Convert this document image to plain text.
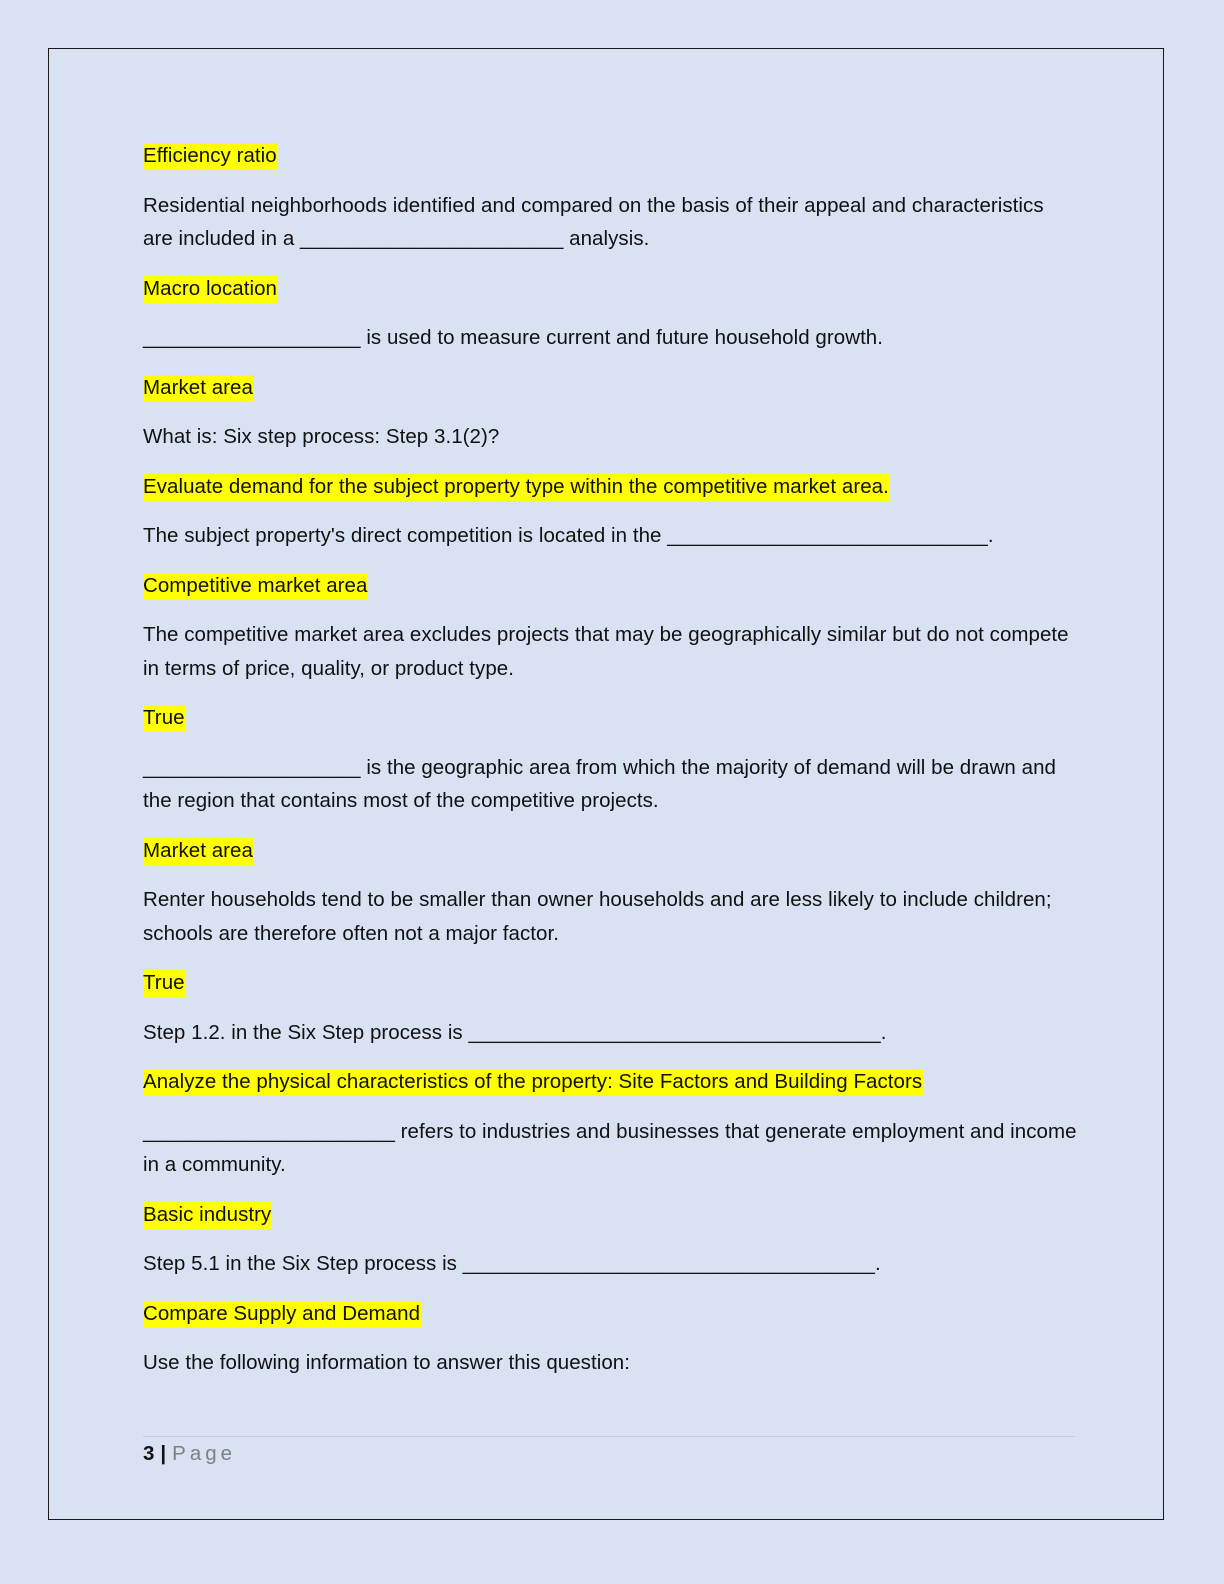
Efficiency ratio
Residential neighborhoods identified and compared on the basis of their appeal and characteristics are included in a _______________________ analysis.
Macro location
___________________ is used to measure current and future household growth.
Market area
What is: Six step process: Step 3.1(2)?
Evaluate demand for the subject property type within the competitive market area.
The subject property's direct competition is located in the ____________________________.
Competitive market area
The competitive market area excludes projects that may be geographically similar but do not compete in terms of price, quality, or product type.
True
___________________ is the geographic area from which the majority of demand will be drawn and the region that contains most of the competitive projects.
Market area
Renter households tend to be smaller than owner households and are less likely to include children; schools are therefore often not a major factor.
True
Step 1.2. in the Six Step process is ____________________________________.
Analyze the physical characteristics of the property: Site Factors and Building Factors
______________________ refers to industries and businesses that generate employment and income in a community.
Basic industry
Step 5.1 in the Six Step process is ____________________________________.
Compare Supply and Demand
Use the following information to answer this question:
3 | Page
